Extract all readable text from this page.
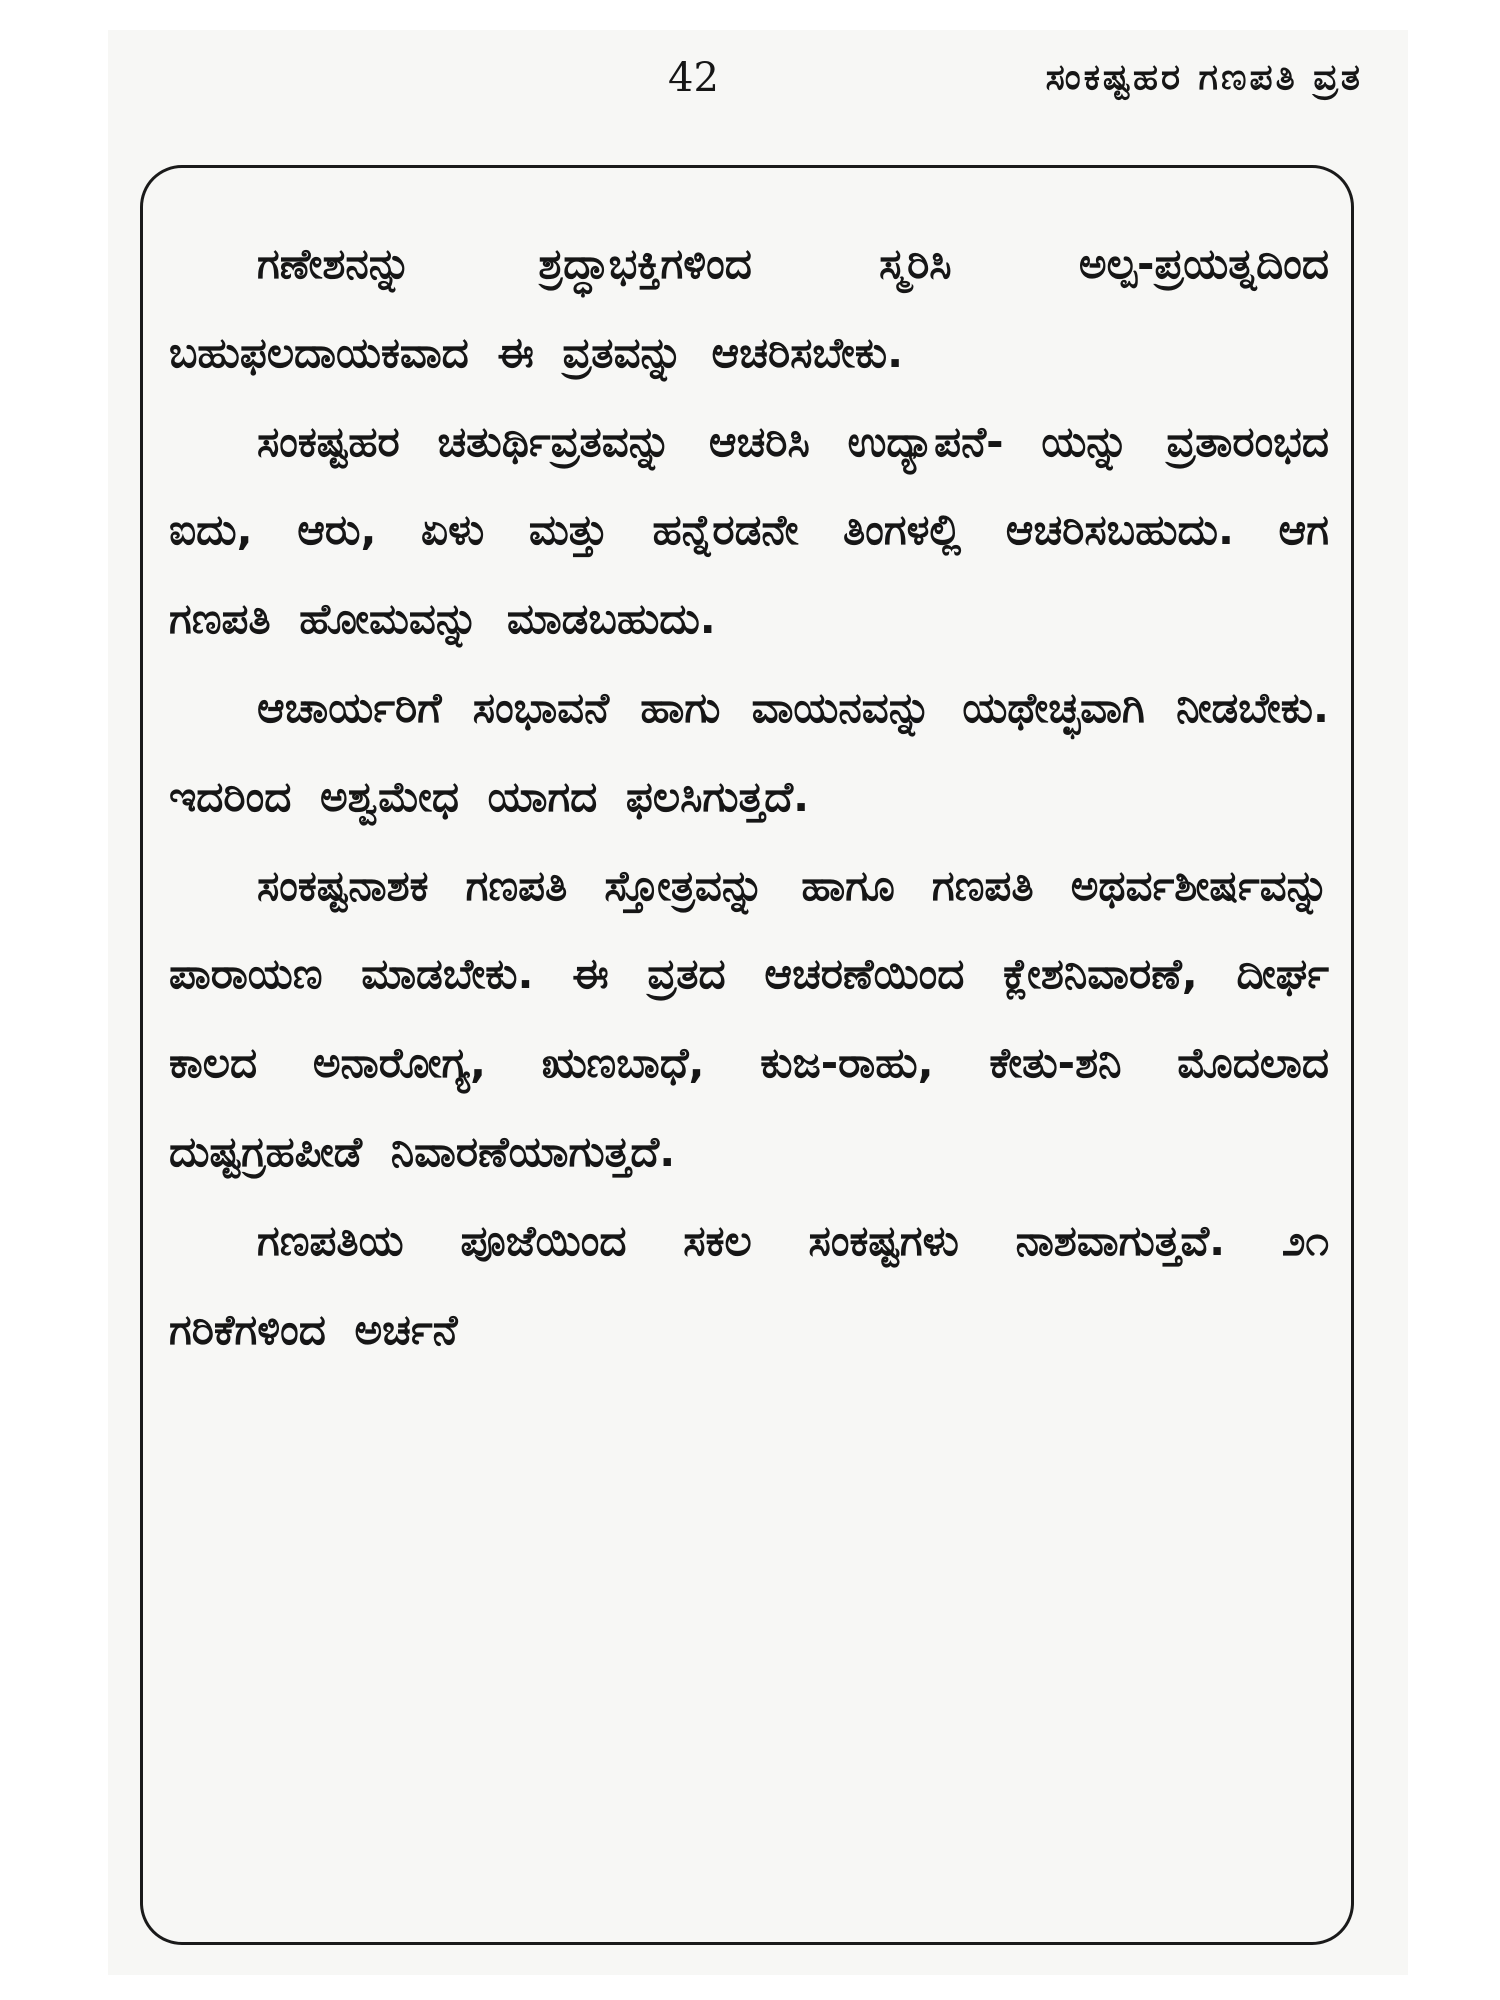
42	ಸಂಕಷ್ಟಹರ ಗಣಪತಿ ವ್ರತ

ಗಣೇಶನನ್ನು ಶ್ರದ್ಧಾಭಕ್ತಿಗಳಿಂದ ಸ್ಮರಿಸಿ ಅಲ್ಪ-ಪ್ರಯತ್ನದಿಂದ ಬಹುಫಲದಾಯಕವಾದ ಈ ವ್ರತವನ್ನು ಆಚರಿಸಬೇಕು.

ಸಂಕಷ್ಟಹರ ಚತುರ್ಥಿವ್ರತವನ್ನು ಆಚರಿಸಿ ಉದ್ಯಾಪನೆ- ಯನ್ನು ವ್ರತಾರಂಭದ ಐದು, ಆರು, ಏಳು ಮತ್ತು ಹನ್ನೆರಡನೇ ತಿಂಗಳಲ್ಲಿ ಆಚರಿಸಬಹುದು. ಆಗ ಗಣಪತಿ ಹೋಮವನ್ನು ಮಾಡಬಹುದು.

ಆಚಾರ್ಯರಿಗೆ ಸಂಭಾವನೆ ಹಾಗು ವಾಯನವನ್ನು ಯಥೇಚ್ಛವಾಗಿ ನೀಡಬೇಕು. ಇದರಿಂದ ಅಶ್ವಮೇಧ ಯಾಗದ ಫಲಸಿಗುತ್ತದೆ.

ಸಂಕಷ್ಟನಾಶಕ ಗಣಪತಿ ಸ್ತೋತ್ರವನ್ನು ಹಾಗೂ ಗಣಪತಿ ಅಥರ್ವಶೀರ್ಷವನ್ನು ಪಾರಾಯಣ ಮಾಡಬೇಕು. ಈ ವ್ರತದ ಆಚರಣೆಯಿಂದ ಕ್ಲೇಶನಿವಾರಣೆ, ದೀರ್ಘ ಕಾಲದ ಅನಾರೋಗ್ಯ, ಋಣಬಾಧೆ, ಕುಜ-ರಾಹು, ಕೇತು-ಶನಿ ಮೊದಲಾದ ದುಷ್ಟಗ್ರಹಪೀಡೆ ನಿವಾರಣೆಯಾಗುತ್ತದೆ.

ಗಣಪತಿಯ ಪೂಜೆಯಿಂದ ಸಕಲ ಸಂಕಷ್ಟಗಳು ನಾಶವಾಗುತ್ತವೆ. ೨೧ ಗರಿಕೆಗಳಿಂದ ಅರ್ಚನೆ
